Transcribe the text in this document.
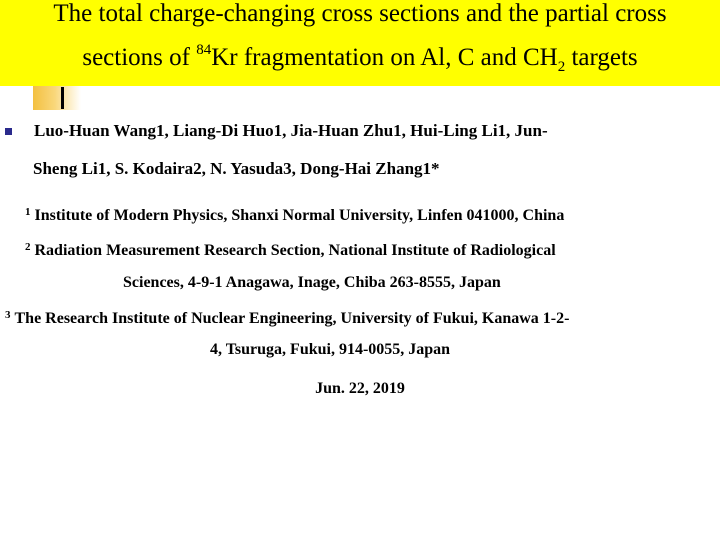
The total charge-changing cross sections and the partial cross
sections of $^{84}$Kr fragmentation on Al, C and $CH_2$ targets
Luo-Huan Wang1, Liang-Di Huo1, Jia-Huan Zhu1, Hui-Ling Li1, Jun-
Sheng Li1, S. Kodaira2, N. Yasuda3, Dong-Hai Zhang1*
$^1$ Institute of Modern Physics, Shanxi Normal University, Linfen 041000, China
$^2$ Radiation Measurement Research Section, National Institute of Radiological
Sciences, 4-9-1 Anagawa, Inage, Chiba 263-8555, Japan
$^3$ The Research Institute of Nuclear Engineering, University of Fukui, Kanawa 1-2-
4, Tsuruga, Fukui, 914-0055, Japan
Jun. 22, 2019
